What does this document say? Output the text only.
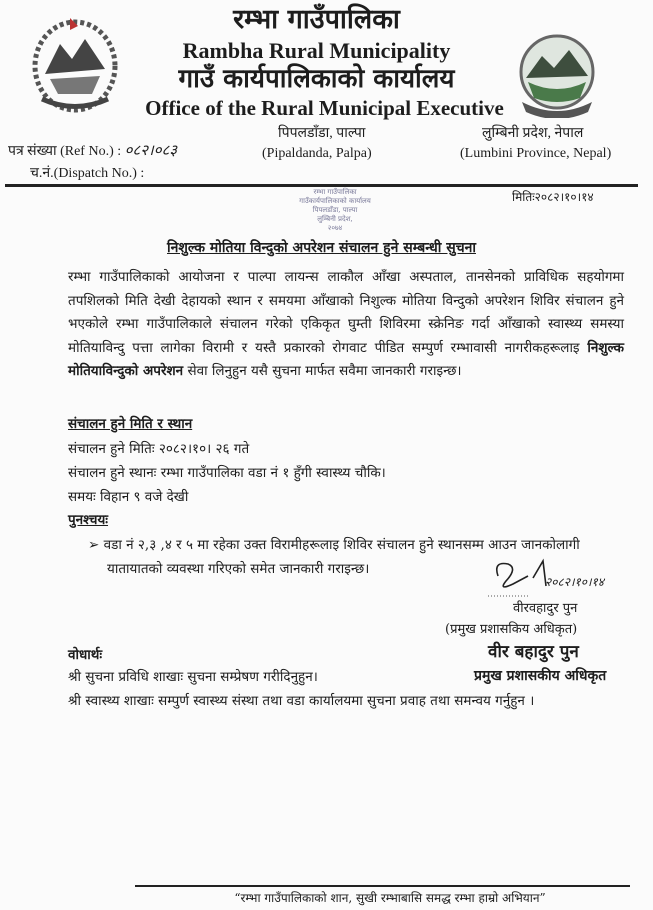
रम्भा गाउँपालिका
Rambha Rural Municipality
गाउँ कार्यपालिकाको कार्यालय
Office of the Rural Municipal Executive
पत्र संख्या (Ref No.) : ०८२।०८३
च.नं.(Dispatch No.) :
पिपलडाँडा, पाल्पा
(Pipaldanda, Palpa)
लुम्बिनी प्रदेश, नेपाल
(Lumbini Province, Nepal)
मितिः२०८२।१०।१४
रम्भा गाउँपालिका
गाउँकार्यपालिकाको कार्यालय
पिपलडाँडा, पाल्पा
लुम्बिनी प्रदेश,
२०७४
निशुल्क मोतिया विन्दुको अपरेशन संचालन हुने सम्बन्धी सुचना
रम्भा गाउँपालिकाको आयोजना र पाल्पा लायन्स लाकौल आँखा अस्पताल, तानसेनको प्राविधिक सहयोगमा तपशिलको मिति देखी देहायको स्थान र समयमा आँखाको निशुल्क मोतिया विन्दुको अपरेशन शिविर संचालन हुने भएकोले रम्भा गाउँपालिकाले संचालन गरेको एकिकृत घुम्ती शिविरमा स्क्रेनिङ गर्दा आँखाको स्वास्थ्य समस्या मोतियाविन्दु पत्ता लागेका विरामी र यस्तै प्रकारको रोगवाट पीडित सम्पुर्ण रम्भावासी नागरीकहरूलाइ निशुल्क मोतियाविन्दुको अपरेशन सेवा लिनुहुन यसै सुचना मार्फत सवैमा जानकारी गराइन्छ।
संचालन हुने मिति र स्थान
संचालन हुने मितिः २०८२।१०। २६ गते
संचालन हुने स्थानः रम्भा गाउँपालिका वडा नं १ हुँगी स्वास्थ्य चौकि।
समयः विहान ९ वजे देखी
पुनश्चयः
➢ वडा नं २,३ ,४ र ५ मा रहेका उक्त विरामीहरूलाइ शिविर संचालन हुने स्थानसम्म आउन जानकोलागी
यातायातको व्यवस्था गरिएको समेत जानकारी गराइन्छ।
२०८२।१०।१४
वीरवहादुर पुन
(प्रमुख प्रशासकिय अधिकृत)
वीर बहादुर पुन
प्रमुख प्रशासकीय अधिकृत
वोधार्थः
श्री सुचना प्रविधि शाखाः सुचना सम्प्रेषण गरीदिनुहुन।
श्री स्वास्थ्य शाखाः सम्पुर्ण स्वास्थ्य संस्था तथा वडा कार्यालयमा सुचना प्रवाह तथा समन्वय गर्नुहुन ।
“रम्भा गाउँपालिकाको शान, सुखी रम्भाबासि समद्ध रम्भा हाम्रो अभियान”
